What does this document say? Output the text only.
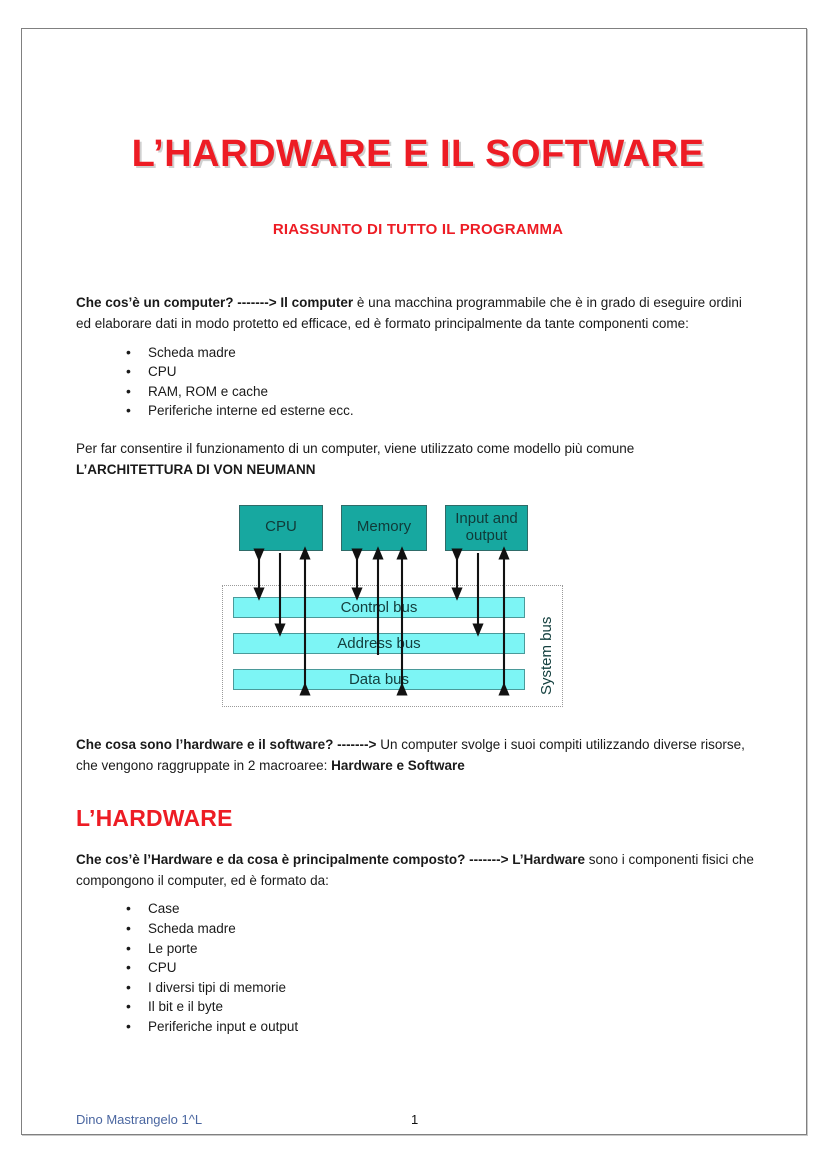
L’HARDWARE E IL SOFTWARE
RIASSUNTO DI TUTTO IL PROGRAMMA

Che cos’è un computer? -------> Il computer è una macchina programmabile che è in grado di eseguire ordini ed elaborare dati in modo protetto ed efficace, ed è formato principalmente da tante componenti come:

• Scheda madre
• CPU
• RAM, ROM e cache
• Periferiche interne ed esterne ecc.

Per far consentire il funzionamento di un computer, viene utilizzato come modello più comune
L’ARCHITETTURA DI VON NEUMANN

CPU	Memory	Input and output
Control bus
Address bus
Data bus	System bus

Che cosa sono l’hardware e il software? -------> Un computer svolge i suoi compiti utilizzando diverse risorse, che vengono raggruppate in 2 macroaree: Hardware e Software

L’HARDWARE

Che cos’è l’Hardware e da cosa è principalmente composto? -------> L’Hardware sono i componenti fisici che compongono il computer, ed è formato da:

• Case
• Scheda madre
• Le porte
• CPU
• I diversi tipi di memorie
• Il bit e il byte
• Periferiche input e output
Dino Mastrangelo 1^L	1
